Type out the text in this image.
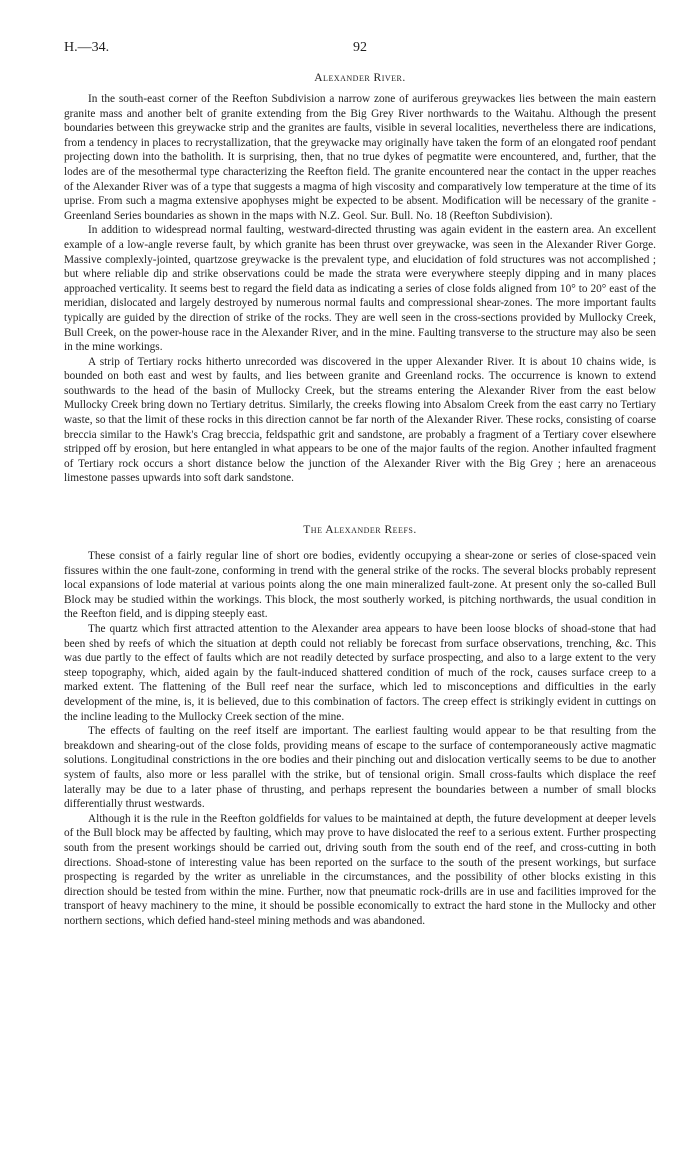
H.—34.	92
Alexander River.

In the south-east corner of the Reefton Subdivision a narrow zone of auriferous greywackes lies between the main eastern granite mass and another belt of granite extending from the Big Grey River northwards to the Waitahu. Although the present boundaries between this greywacke strip and the granites are faults, visible in several localities, nevertheless there are indications, from a tendency in places to recrystallization, that the greywacke may originally have taken the form of an elongated roof pendant projecting down into the batholith. It is surprising, then, that no true dykes of pegmatite were encountered, and, further, that the lodes are of the mesothermal type characterizing the Reefton field. The granite encountered near the contact in the upper reaches of the Alexander River was of a type that suggests a magma of high viscosity and comparatively low temperature at the time of its uprise. From such a magma extensive apophyses might be expected to be absent. Modification will be necessary of the granite - Greenland Series boundaries as shown in the maps with N.Z. Geol. Sur. Bull. No. 18 (Reefton Subdivision).

In addition to widespread normal faulting, westward-directed thrusting was again evident in the eastern area. An excellent example of a low-angle reverse fault, by which granite has been thrust over greywacke, was seen in the Alexander River Gorge. Massive complexly-jointed, quartzose greywacke is the prevalent type, and elucidation of fold structures was not accomplished ; but where reliable dip and strike observations could be made the strata were everywhere steeply dipping and in many places approached verticality. It seems best to regard the field data as indicating a series of close folds aligned from 10° to 20° east of the meridian, dislocated and largely destroyed by numerous normal faults and compressional shear-zones. The more important faults typically are guided by the direction of strike of the rocks. They are well seen in the cross-sections provided by Mullocky Creek, Bull Creek, on the power-house race in the Alexander River, and in the mine. Faulting transverse to the structure may also be seen in the mine workings.

A strip of Tertiary rocks hitherto unrecorded was discovered in the upper Alexander River. It is about 10 chains wide, is bounded on both east and west by faults, and lies between granite and Greenland rocks. The occurrence is known to extend southwards to the head of the basin of Mullocky Creek, but the streams entering the Alexander River from the east below Mullocky Creek bring down no Tertiary detritus. Similarly, the creeks flowing into Absalom Creek from the east carry no Tertiary waste, so that the limit of these rocks in this direction cannot be far north of the Alexander River. These rocks, consisting of coarse breccia similar to the Hawk's Crag breccia, feldspathic grit and sandstone, are probably a fragment of a Tertiary cover elsewhere stripped off by erosion, but here entangled in what appears to be one of the major faults of the region. Another infaulted fragment of Tertiary rock occurs a short distance below the junction of the Alexander River with the Big Grey ; here an arenaceous limestone passes upwards into soft dark sandstone.

The Alexander Reefs.

These consist of a fairly regular line of short ore bodies, evidently occupying a shear-zone or series of close-spaced vein fissures within the one fault-zone, conforming in trend with the general strike of the rocks. The several blocks probably represent local expansions of lode material at various points along the one main mineralized fault-zone. At present only the so-called Bull Block may be studied within the workings. This block, the most southerly worked, is pitching northwards, the usual condition in the Reefton field, and is dipping steeply east.

The quartz which first attracted attention to the Alexander area appears to have been loose blocks of shoad-stone that had been shed by reefs of which the situation at depth could not reliably be forecast from surface observations, trenching, &c. This was due partly to the effect of faults which are not readily detected by surface prospecting, and also to a large extent to the very steep topography, which, aided again by the fault-induced shattered condition of much of the rock, causes surface creep to a marked extent. The flattening of the Bull reef near the surface, which led to misconceptions and difficulties in the early development of the mine, is, it is believed, due to this combination of factors. The creep effect is strikingly evident in cuttings on the incline leading to the Mullocky Creek section of the mine.

The effects of faulting on the reef itself are important. The earliest faulting would appear to be that resulting from the breakdown and shearing-out of the close folds, providing means of escape to the surface of contemporaneously active magmatic solutions. Longitudinal constrictions in the ore bodies and their pinching out and dislocation vertically seems to be due to another system of faults, also more or less parallel with the strike, but of tensional origin. Small cross-faults which displace the reef laterally may be due to a later phase of thrusting, and perhaps represent the boundaries between a number of small blocks differentially thrust westwards.

Although it is the rule in the Reefton goldfields for values to be maintained at depth, the future development at deeper levels of the Bull block may be affected by faulting, which may prove to have dislocated the reef to a serious extent. Further prospecting south from the present workings should be carried out, driving south from the south end of the reef, and cross-cutting in both directions. Shoad-stone of interesting value has been reported on the surface to the south of the present workings, but surface prospecting is regarded by the writer as unreliable in the circumstances, and the possibility of other blocks existing in this direction should be tested from within the mine. Further, now that pneumatic rock-drills are in use and facilities improved for the transport of heavy machinery to the mine, it should be possible economically to extract the hard stone in the Mullocky and other northern sections, which defied hand-steel mining methods and was abandoned.
